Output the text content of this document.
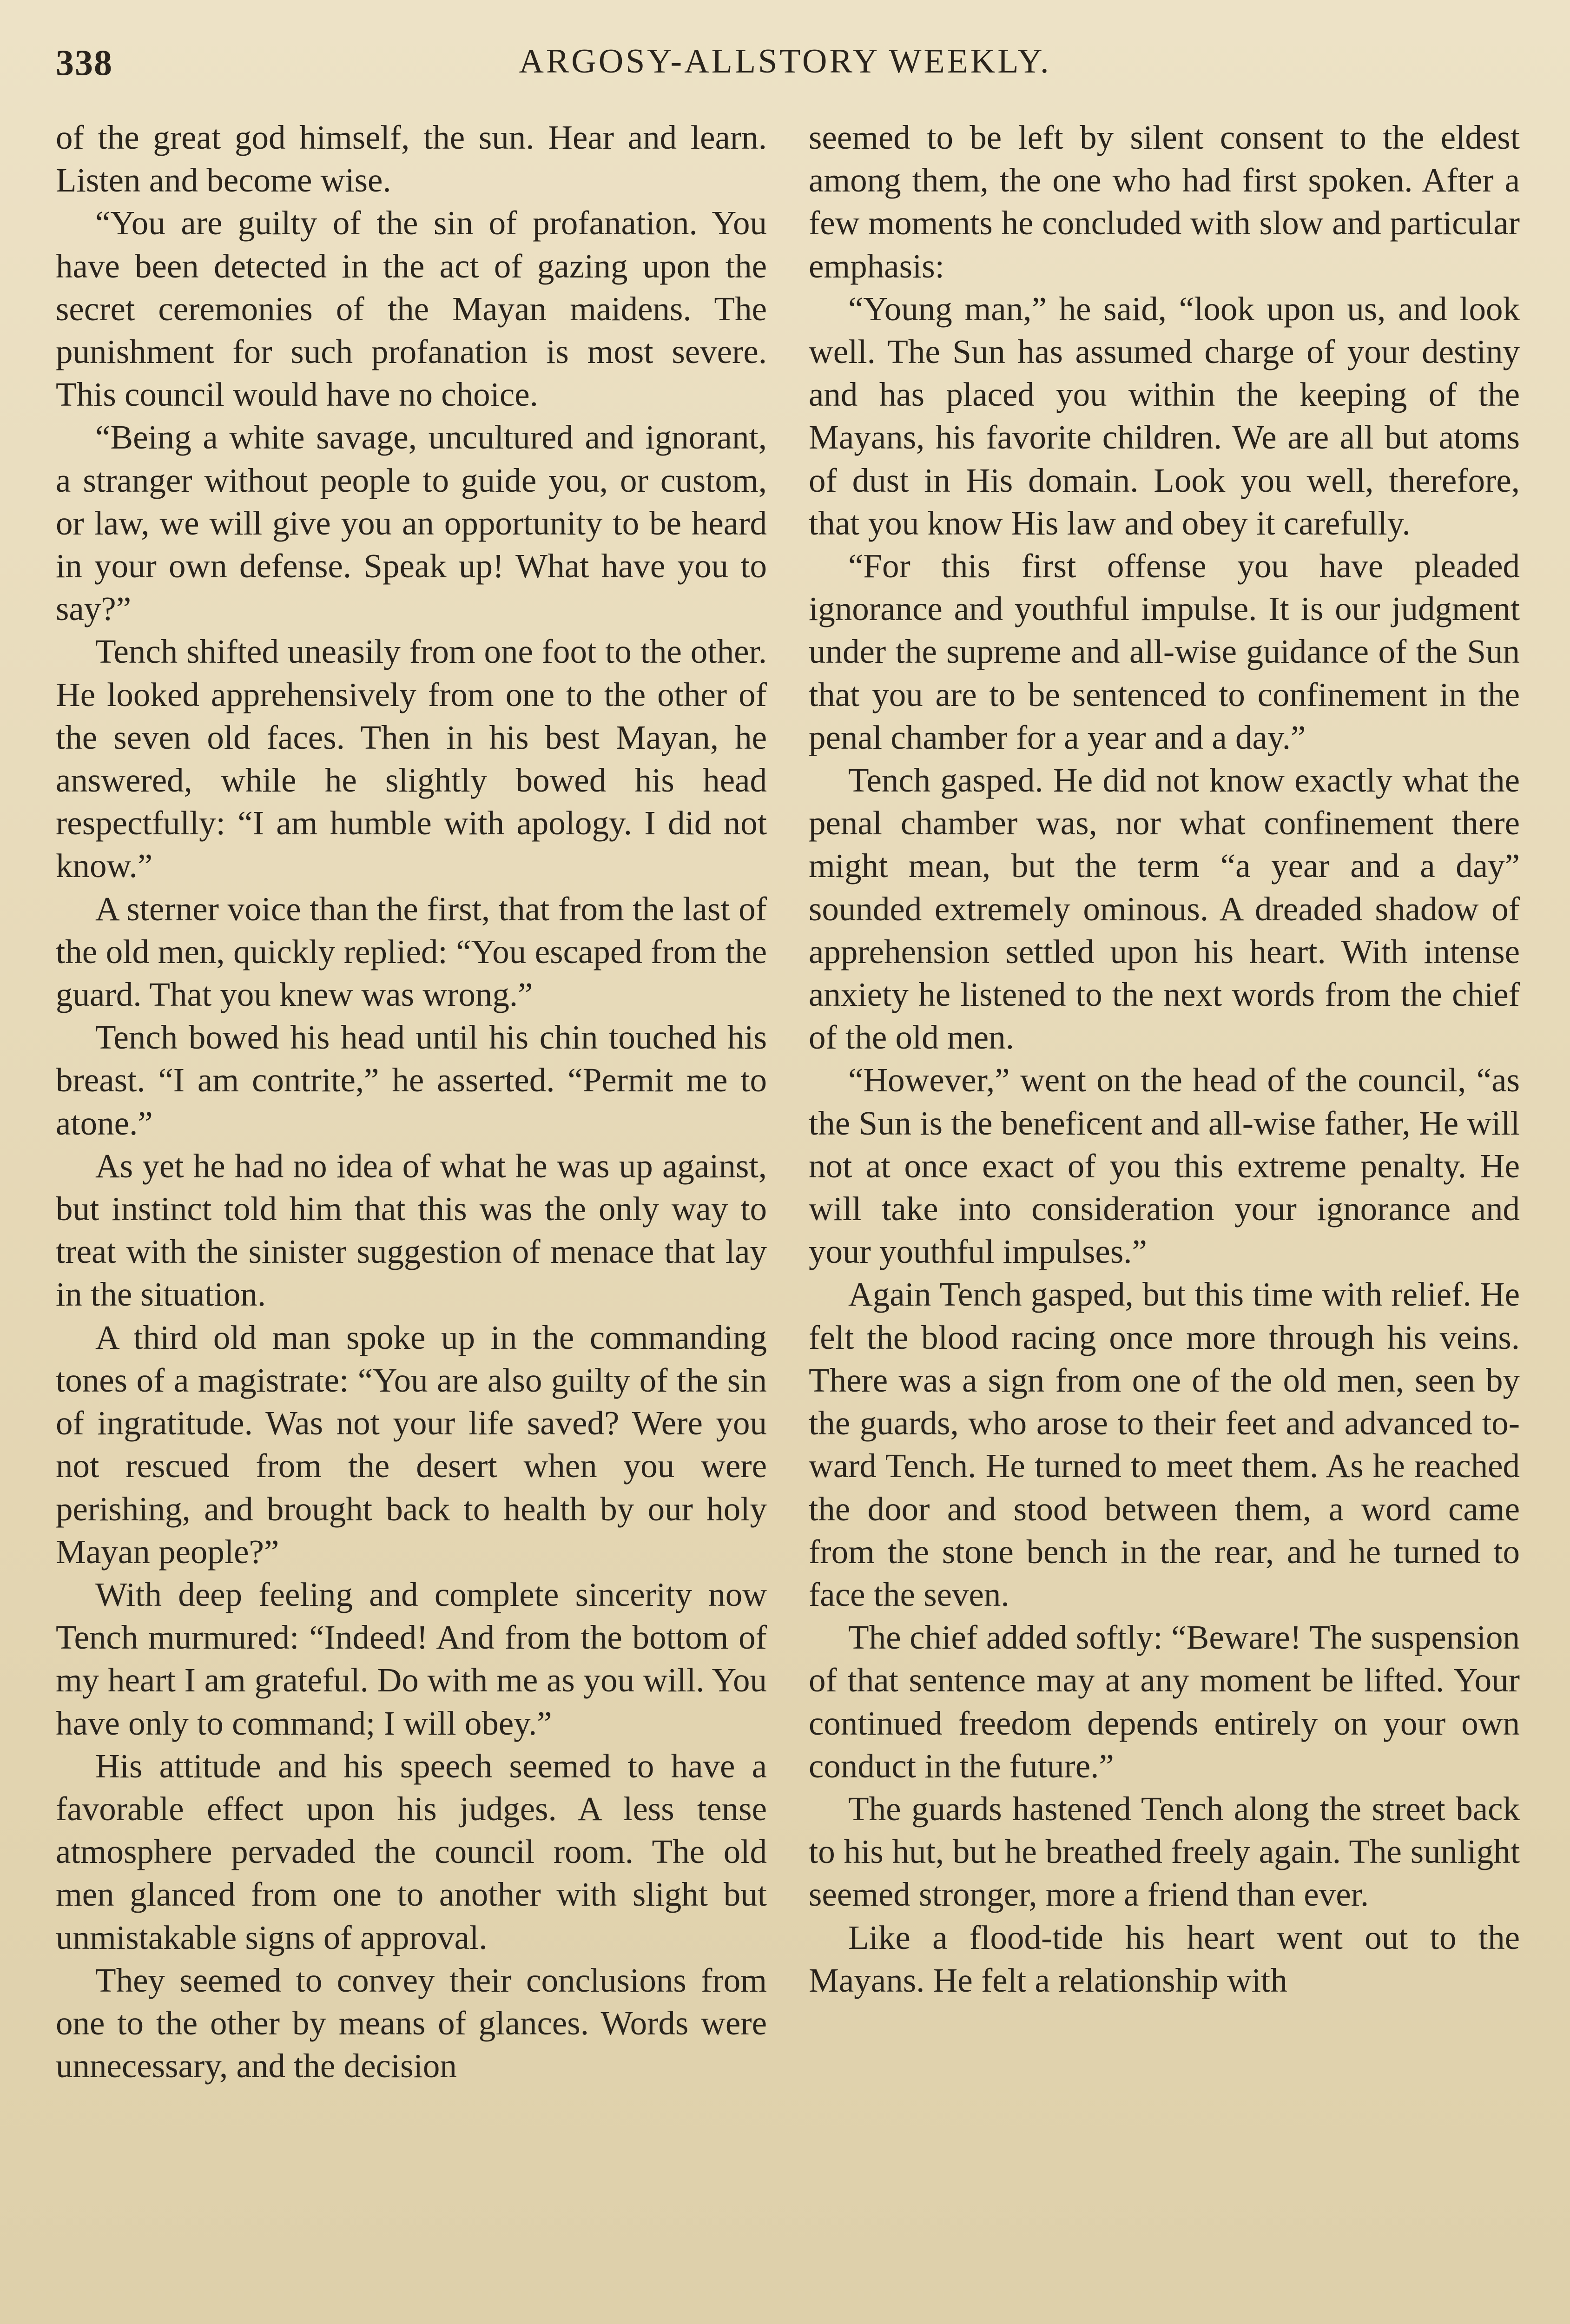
338	ARGOSY-ALLSTORY WEEKLY.

of the great god himself, the sun. Hear and learn. Listen and become wise.

“You are guilty of the sin of profanation. You have been detected in the act of gazing upon the secret ceremonies of the Mayan maidens. The punishment for such profanation is most severe. This council would have no choice.

“Being a white savage, uncultured and ignorant, a stranger without people to guide you, or custom, or law, we will give you an opportunity to be heard in your own defense. Speak up! What have you to say?”

Tench shifted uneasily from one foot to the other. He looked apprehensively from one to the other of the seven old faces. Then in his best Mayan, he answered, while he slightly bowed his head respectfully: “I am humble with apology. I did not know.”

A sterner voice than the first, that from the last of the old men, quickly replied: “You escaped from the guard. That you knew was wrong.”

Tench bowed his head until his chin touched his breast. “I am contrite,” he asserted. “Permit me to atone.”

As yet he had no idea of what he was up against, but instinct told him that this was the only way to treat with the sinister suggestion of menace that lay in the situation.

A third old man spoke up in the commanding tones of a magistrate: “You are also guilty of the sin of ingratitude. Was not your life saved? Were you not rescued from the desert when you were perishing, and brought back to health by our holy Mayan people?”

With deep feeling and complete sincerity now Tench murmured: “Indeed! And from the bottom of my heart I am grateful. Do with me as you will. You have only to command; I will obey.”

His attitude and his speech seemed to have a favorable effect upon his judges. A less tense atmosphere pervaded the council room. The old men glanced from one to another with slight but unmistakable signs of approval.

They seemed to convey their conclusions from one to the other by means of glances. Words were unnecessary, and the decision

seemed to be left by silent consent to the eldest among them, the one who had first spoken. After a few moments he concluded with slow and particular emphasis:

“Young man,” he said, “look upon us, and look well. The Sun has assumed charge of your destiny and has placed you within the keeping of the Mayans, his favorite children. We are all but atoms of dust in His domain. Look you well, therefore, that you know His law and obey it carefully.

“For this first offense you have pleaded ignorance and youthful impulse. It is our judgment under the supreme and all-wise guidance of the Sun that you are to be sentenced to confinement in the penal chamber for a year and a day.”

Tench gasped. He did not know exactly what the penal chamber was, nor what confinement there might mean, but the term “a year and a day” sounded extremely ominous. A dreaded shadow of apprehension settled upon his heart. With intense anxiety he listened to the next words from the chief of the old men.

“However,” went on the head of the council, “as the Sun is the beneficent and all-wise father, He will not at once exact of you this extreme penalty. He will take into consideration your ignorance and your youthful impulses.”

Again Tench gasped, but this time with relief. He felt the blood racing once more through his veins. There was a sign from one of the old men, seen by the guards, who arose to their feet and advanced toward Tench. He turned to meet them. As he reached the door and stood between them, a word came from the stone bench in the rear, and he turned to face the seven.

The chief added softly: “Beware! The suspension of that sentence may at any moment be lifted. Your continued freedom depends entirely on your own conduct in the future.”

The guards hastened Tench along the street back to his hut, but he breathed freely again. The sunlight seemed stronger, more a friend than ever.

Like a flood-tide his heart went out to the Mayans. He felt a relationship with
